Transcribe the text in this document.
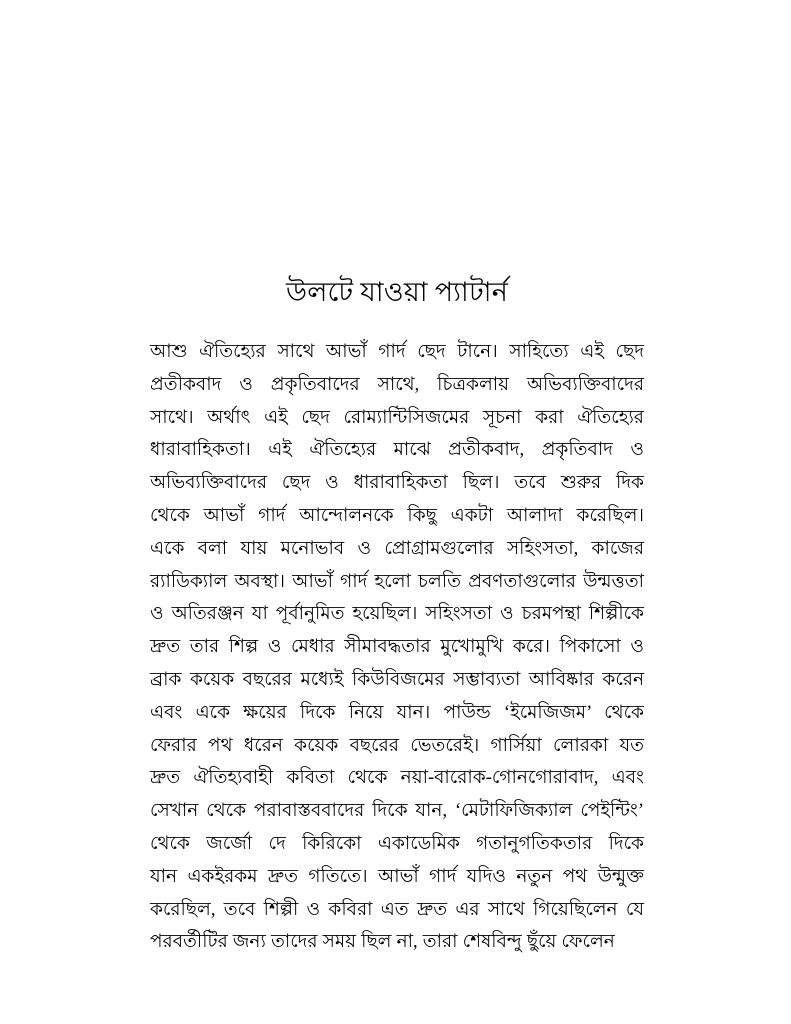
উলটে যাওয়া প্যাটার্ন
আশু ঐতিহ্যের সাথে আভাঁ গার্দ ছেদ টানে। সাহিত্যে এই ছেদ
প্রতীকবাদ ও প্রকৃতিবাদের সাথে, চিত্রকলায় অভিব্যক্তিবাদের
সাথে। অর্থাৎ এই ছেদ রোম্যান্টিসিজমের সূচনা করা ঐতিহ্যের
ধারাবাহিকতা। এই ঐতিহ্যের মাঝে প্রতীকবাদ, প্রকৃতিবাদ ও
অভিব্যক্তিবাদের ছেদ ও ধারাবাহিকতা ছিল। তবে শুরুর দিক
থেকে আভাঁ গার্দ আন্দোলনকে কিছু একটা আলাদা করেছিল।
একে বলা যায় মনোভাব ও প্রোগ্রামগুলোর সহিংসতা, কাজের
র‍্যাডিক্যাল অবস্থা। আভাঁ গার্দ হলো চলতি প্রবণতাগুলোর উন্মত্ততা
ও অতিরঞ্জন যা পূর্বানুমিত হয়েছিল। সহিংসতা ও চরমপন্থা শিল্পীকে
দ্রুত তার শিল্প ও মেধার সীমাবদ্ধতার মুখোমুখি করে। পিকাসো ও
ব্রাক কয়েক বছরের মধ্যেই কিউবিজমের সম্ভাব্যতা আবিষ্কার করেন
এবং একে ক্ষয়ের দিকে নিয়ে যান। পাউন্ড ‘ইমেজিজম’ থেকে
ফেরার পথ ধরেন কয়েক বছরের ভেতরেই। গার্সিয়া লোরকা যত
দ্রুত ঐতিহ্যবাহী কবিতা থেকে নয়া-বারোক-গোনগোরাবাদ, এবং
সেখান থেকে পরাবাস্তববাদের দিকে যান, ‘মেটাফিজিক্যাল পেইন্টিং’
থেকে জর্জো দে কিরিকো একাডেমিক গতানুগতিকতার দিকে
যান একইরকম দ্রুত গতিতে। আভাঁ গার্দ যদিও নতুন পথ উন্মুক্ত
করেছিল, তবে শিল্পী ও কবিরা এত দ্রুত এর সাথে গিয়েছিলেন যে
পরবর্তীটির জন্য তাদের সময় ছিল না, তারা শেষবিন্দু ছুঁয়ে ফেলেন
